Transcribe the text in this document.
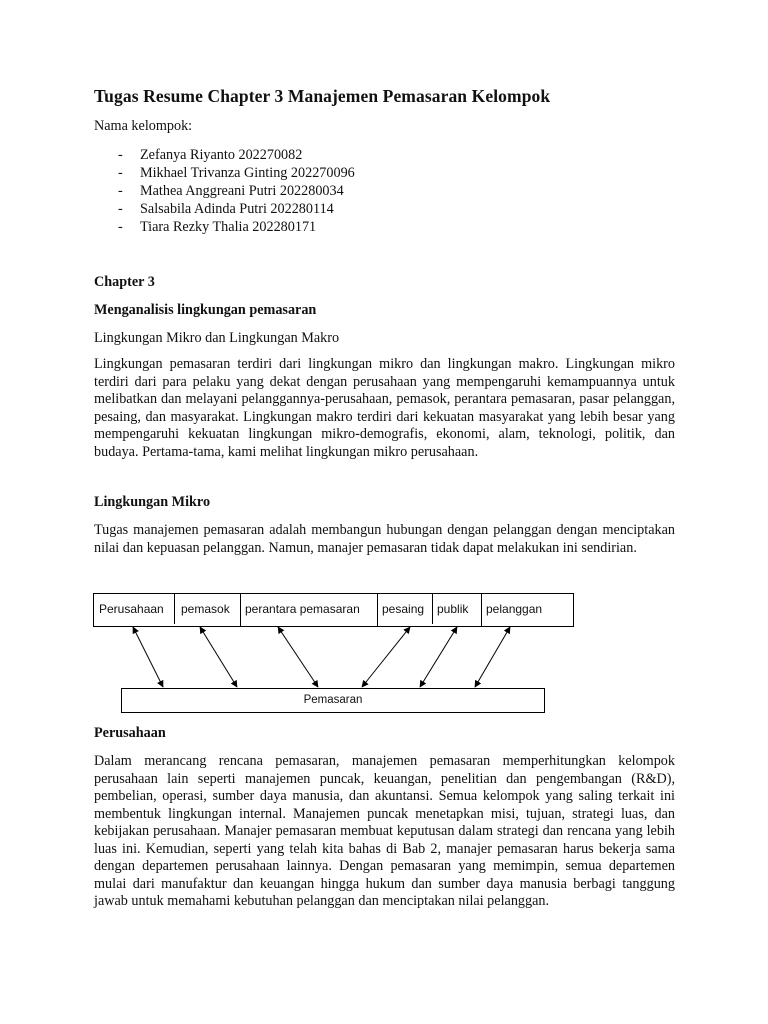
Tugas Resume Chapter 3 Manajemen Pemasaran Kelompok
Nama kelompok:
- Zefanya Riyanto 202270082
- Mikhael Trivanza Ginting 202270096
- Mathea Anggreani Putri 202280034
- Salsabila Adinda Putri 202280114
- Tiara Rezky Thalia 202280171
Chapter 3
Menganalisis lingkungan pemasaran
Lingkungan Mikro dan Lingkungan Makro

Lingkungan pemasaran terdiri dari lingkungan mikro dan lingkungan makro. Lingkungan mikro terdiri dari para pelaku yang dekat dengan perusahaan yang mempengaruhi kemampuannya untuk melibatkan dan melayani pelanggannya-perusahaan, pemasok, perantara pemasaran, pasar pelanggan, pesaing, dan masyarakat. Lingkungan makro terdiri dari kekuatan masyarakat yang lebih besar yang mempengaruhi kekuatan lingkungan mikro-demografis, ekonomi, alam, teknologi, politik, dan budaya. Pertama-tama, kami melihat lingkungan mikro perusahaan.

Lingkungan Mikro

Tugas manajemen pemasaran adalah membangun hubungan dengan pelanggan dengan menciptakan nilai dan kepuasan pelanggan. Namun, manajer pemasaran tidak dapat melakukan ini sendirian.

Perusahaan	pemasok	perantara pemasaran	pesaing	publik	pelanggan
Pemasaran
Perusahaan

Dalam merancang rencana pemasaran, manajemen pemasaran memperhitungkan kelompok perusahaan lain seperti manajemen puncak, keuangan, penelitian dan pengembangan (R&D), pembelian, operasi, sumber daya manusia, dan akuntansi. Semua kelompok yang saling terkait ini membentuk lingkungan internal. Manajemen puncak menetapkan misi, tujuan, strategi luas, dan kebijakan perusahaan. Manajer pemasaran membuat keputusan dalam strategi dan rencana yang lebih luas ini. Kemudian, seperti yang telah kita bahas di Bab 2, manajer pemasaran harus bekerja sama dengan departemen perusahaan lainnya. Dengan pemasaran yang memimpin, semua departemen mulai dari manufaktur dan keuangan hingga hukum dan sumber daya manusia berbagi tanggung jawab untuk memahami kebutuhan pelanggan dan menciptakan nilai pelanggan.
